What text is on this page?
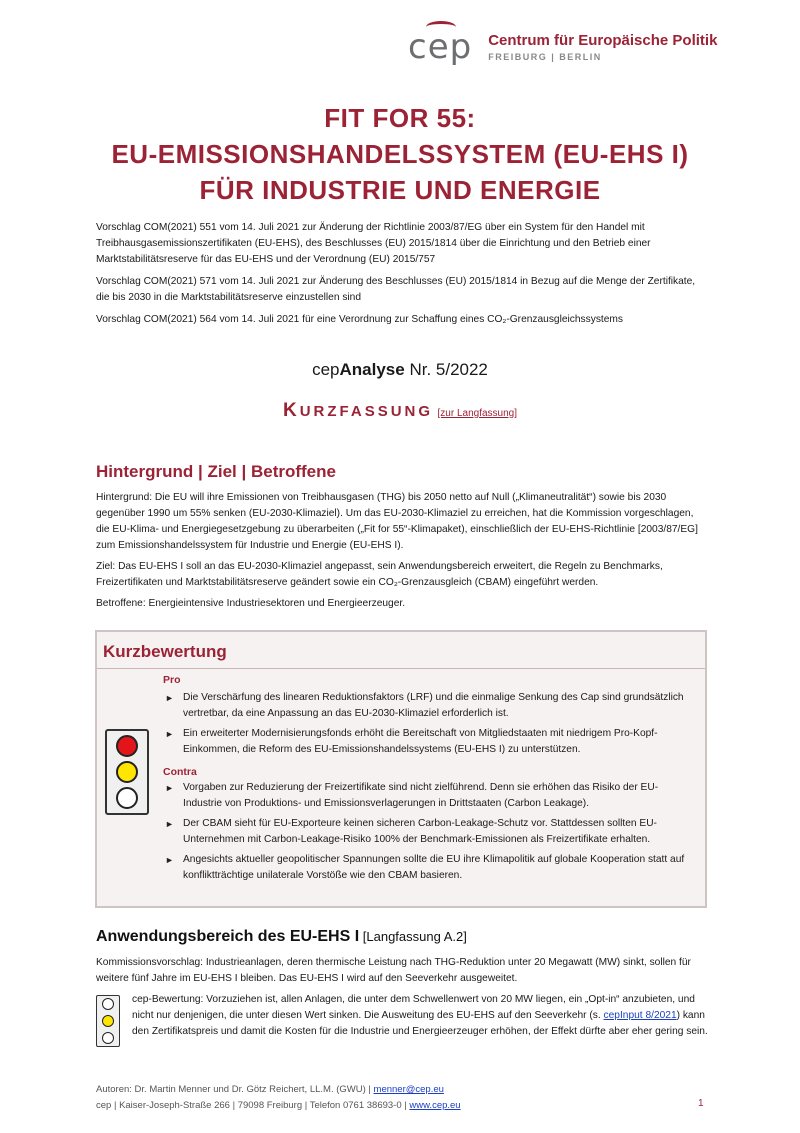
cep Centrum für Europäische Politik
FREIBURG | BERLIN
FIT FOR 55:
EU-EMISSIONSHANDELSSYSTEM (EU-EHS I)
FÜR INDUSTRIE UND ENERGIE

Vorschlag COM(2021) 551 vom 14. Juli 2021 zur Änderung der Richtlinie 2003/87/EG über ein System für den Handel mit Treibhausgasemissionszertifikaten (EU-EHS), des Beschlusses (EU) 2015/1814 über die Einrichtung und den Betrieb einer Marktstabilitätsreserve für das EU-EHS und der Verordnung (EU) 2015/757

Vorschlag COM(2021) 571 vom 14. Juli 2021 zur Änderung des Beschlusses (EU) 2015/1814 in Bezug auf die Menge der Zertifikate, die bis 2030 in die Marktstabilitätsreserve einzustellen sind

Vorschlag COM(2021) 564 vom 14. Juli 2021 für eine Verordnung zur Schaffung eines CO₂-Grenzausgleichssystems

cepAnalyse Nr. 5/2022
KURZFASSUNG [zur Langfassung]
Hintergrund | Ziel | Betroffene

Hintergrund: Die EU will ihre Emissionen von Treibhausgasen (THG) bis 2050 netto auf Null („Klimaneutralität“) sowie bis 2030 gegenüber 1990 um 55% senken (EU-2030-Klimaziel). Um das EU-2030-Klimaziel zu erreichen, hat die Kommission vorgeschlagen, die EU-Klima- und Energiegesetzgebung zu überarbeiten („Fit for 55“-Klimapaket), einschließlich der EU-EHS-Richtlinie [2003/87/EG] zum Emissionshandelssystem für Industrie und Energie (EU-EHS I).

Ziel: Das EU-EHS I soll an das EU-2030-Klimaziel angepasst, sein Anwendungsbereich erweitert, die Regeln zu Benchmarks, Freizertifikaten und Marktstabilitätsreserve geändert sowie ein CO₂-Grenzausgleich (CBAM) eingeführt werden.

Betroffene: Energieintensive Industriesektoren und Energieerzeuger.

Kurzbewertung
Pro
► Die Verschärfung des linearen Reduktionsfaktors (LRF) und die einmalige Senkung des Cap sind grundsätzlich vertretbar, da eine Anpassung an das EU-2030-Klimaziel erforderlich ist.
► Ein erweiterter Modernisierungsfonds erhöht die Bereitschaft von Mitgliedstaaten mit niedrigem Pro-Kopf-Einkommen, die Reform des EU-Emissionshandelssystems (EU-EHS I) zu unterstützen.
Contra
► Vorgaben zur Reduzierung der Freizertifikate sind nicht zielführend. Denn sie erhöhen das Risiko der EU-Industrie von Produktions- und Emissionsverlagerungen in Drittstaaten (Carbon Leakage).
► Der CBAM sieht für EU-Exporteure keinen sicheren Carbon-Leakage-Schutz vor. Stattdessen sollten EU-Unternehmen mit Carbon-Leakage-Risiko 100% der Benchmark-Emissionen als Freizertifikate erhalten.
► Angesichts aktueller geopolitischer Spannungen sollte die EU ihre Klimapolitik auf globale Kooperation statt auf konfliktträchtige unilaterale Vorstöße wie den CBAM basieren.
Anwendungsbereich des EU-EHS I [Langfassung A.2]

Kommissionsvorschlag: Industrieanlagen, deren thermische Leistung nach THG-Reduktion unter 20 Megawatt (MW) sinkt, sollen für weitere fünf Jahre im EU-EHS I bleiben. Das EU-EHS I wird auf den Seeverkehr ausgeweitet.

cep-Bewertung: Vorzuziehen ist, allen Anlagen, die unter dem Schwellenwert von 20 MW liegen, ein „Opt-in“ anzubieten, und nicht nur denjenigen, die unter diesen Wert sinken. Die Ausweitung des EU-EHS auf den Seeverkehr (s. cepInput 8/2021) kann den Zertifikatspreis und damit die Kosten für die Industrie und Energieerzeuger erhöhen, der Effekt dürfte aber eher gering sein.
Autoren: Dr. Martin Menner und Dr. Götz Reichert, LL.M. (GWU) | menner@cep.eu
cep | Kaiser-Joseph-Straße 266 | 79098 Freiburg | Telefon 0761 38693-0 | www.cep.eu	1
